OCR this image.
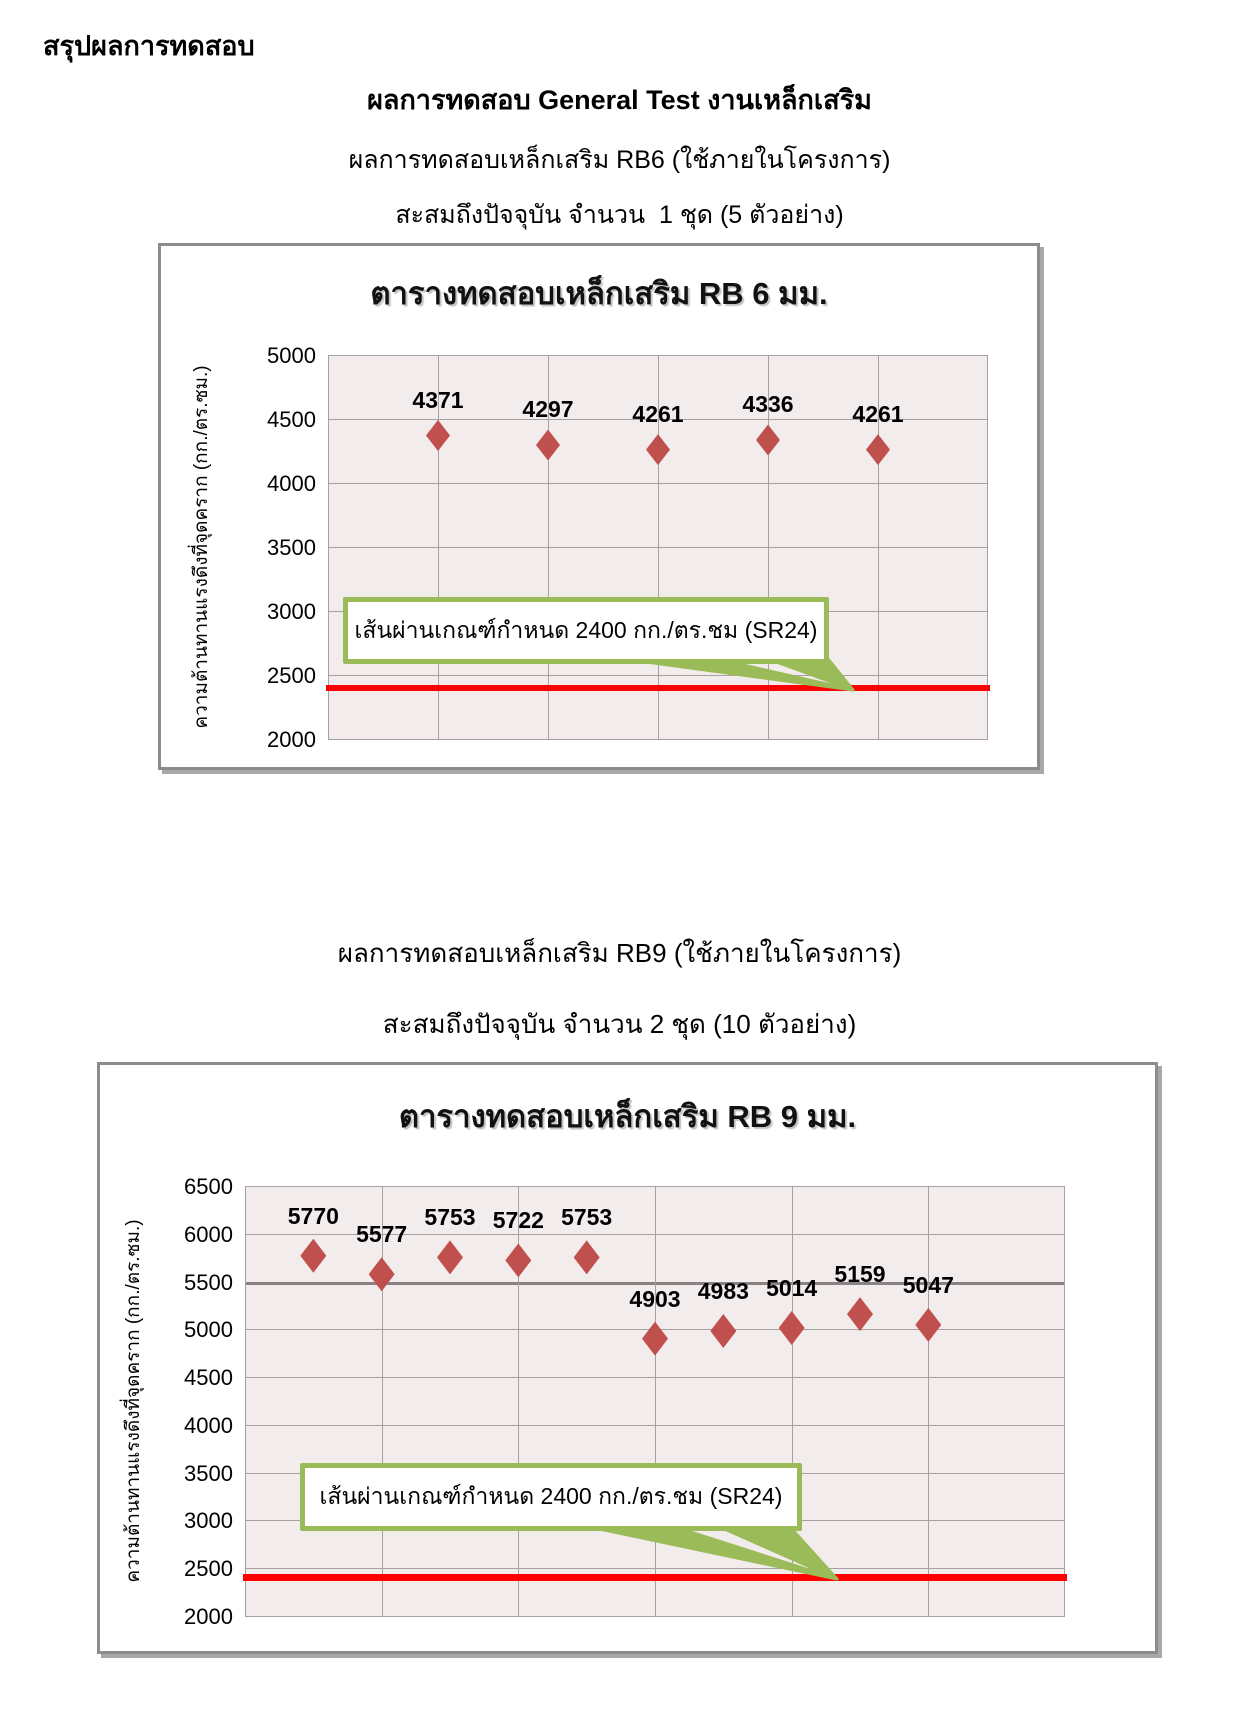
สรุปผลการทดสอบ
ผลการทดสอบ General Test งานเหล็กเสริม
ผลการทดสอบเหล็กเสริม RB6 (ใช้ภายในโครงการ)
สะสมถึงปัจจุบัน จำนวน  1 ชุด (5 ตัวอย่าง)
ผลการทดสอบเหล็กเสริม RB9 (ใช้ภายในโครงการ)
สะสมถึงปัจจุบัน จำนวน 2 ชุด (10 ตัวอย่าง)
ตารางทดสอบเหล็กเสริม RB 6 มม.
2000
2500
3000
3500
4000
4500
5000
ความต้านทานแรงดึงที่จุดคราก (กก./ตร.ซม.)	4371	4297	4261	4336	4261
เส้นผ่านเกณฑ์กำหนด 2400 กก./ตร.ชม (SR24)
ตารางทดสอบเหล็กเสริม RB 9 มม.
2000
2500
3000
3500
4000
4500
5000
5500
6000
6500
ความต้านทานแรงดึงที่จุดคราก (กก./ตร.ซม.)
5770
5577
5753 5722 5753
4903 4983 5014
5159 5047
เส้นผ่านเกณฑ์กำหนด 2400 กก./ตร.ชม (SR24)
